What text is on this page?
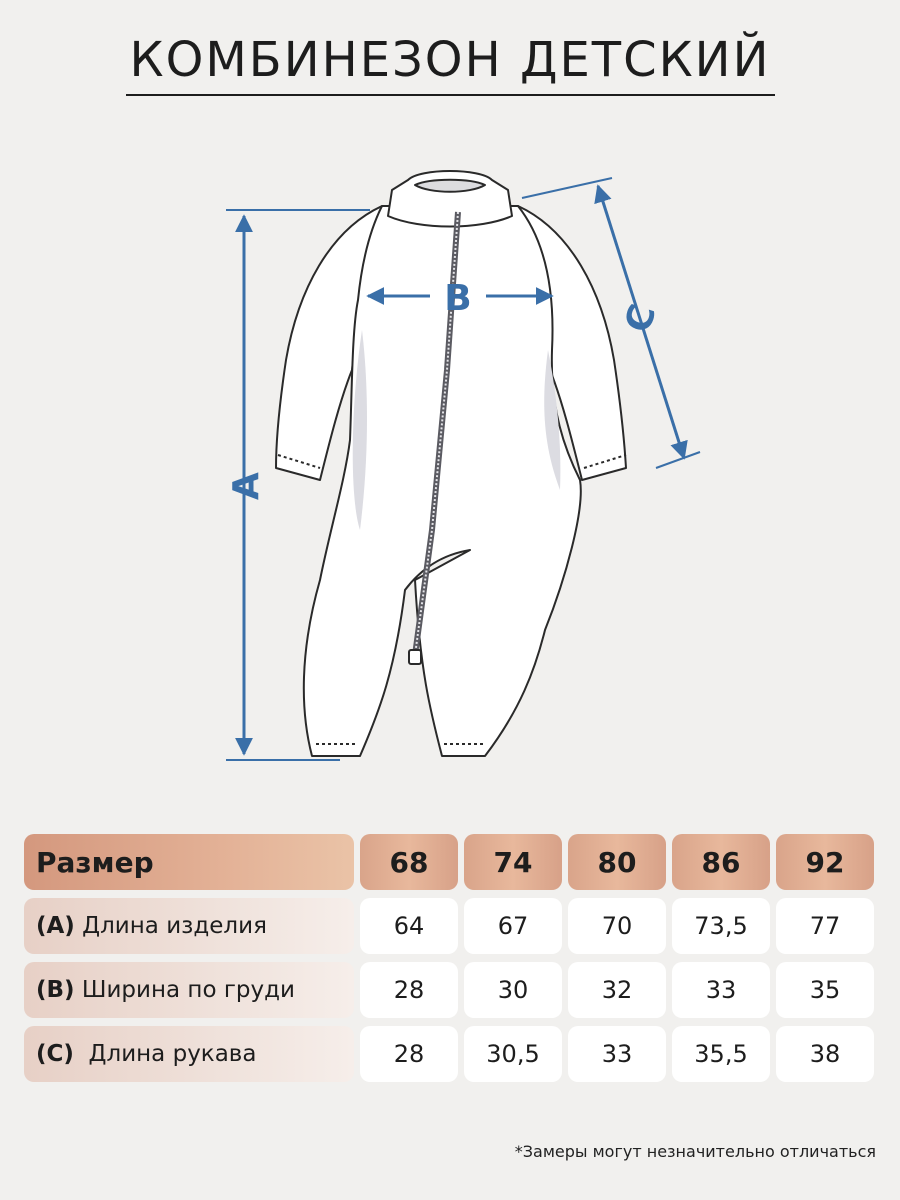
КОМБИНЕЗОН ДЕТСКИЙ
A
B	C
Размер	68	74	80	86	92
(A) Длина изделия	64	67	70	73,5	77
(B) Ширина по груди	28	30	32	33	35
(C) Длина рукава	28	30,5	33	35,5	38
*Замеры могут незначительно отличаться
